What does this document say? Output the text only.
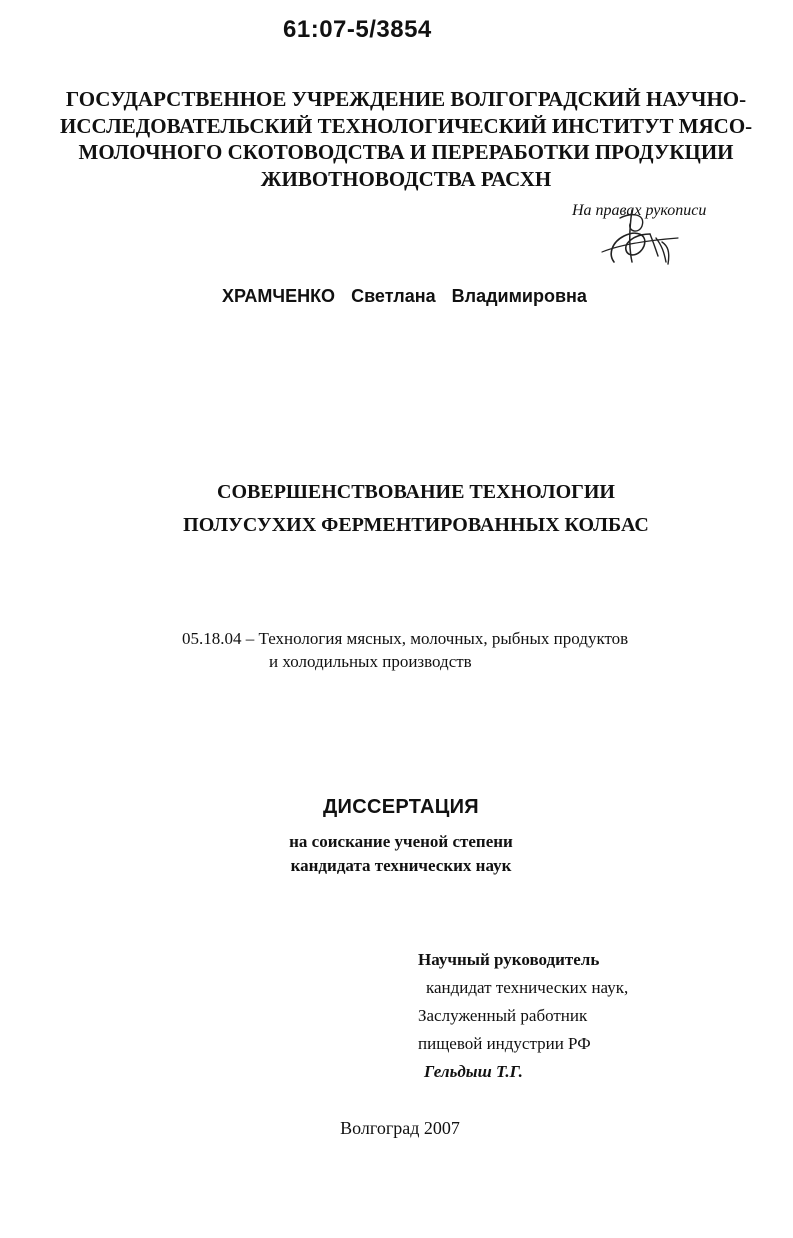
61:07-5/3854
ГОСУДАРСТВЕННОЕ УЧРЕЖДЕНИЕ ВОЛГОГРАДСКИЙ НАУЧНО-
ИССЛЕДОВАТЕЛЬСКИЙ ТЕХНОЛОГИЧЕСКИЙ ИНСТИТУТ МЯСО-
МОЛОЧНОГО СКОТОВОДСТВА И ПЕРЕРАБОТКИ ПРОДУКЦИИ
ЖИВОТНОВОДСТВА РАСХН
На правах рукописи
ХРАМЧЕНКО Светлана Владимировна
СОВЕРШЕНСТВОВАНИЕ ТЕХНОЛОГИИ
ПОЛУСУХИХ ФЕРМЕНТИРОВАННЫХ КОЛБАС
05.18.04 – Технология мясных, молочных, рыбных продуктов
и холодильных производств
ДИССЕРТАЦИЯ
на соискание ученой степени
кандидата технических наук
Научный руководитель
кандидат технических наук,
Заслуженный работник
пищевой индустрии РФ
Гельдыш Т.Г.
Волгоград 2007
